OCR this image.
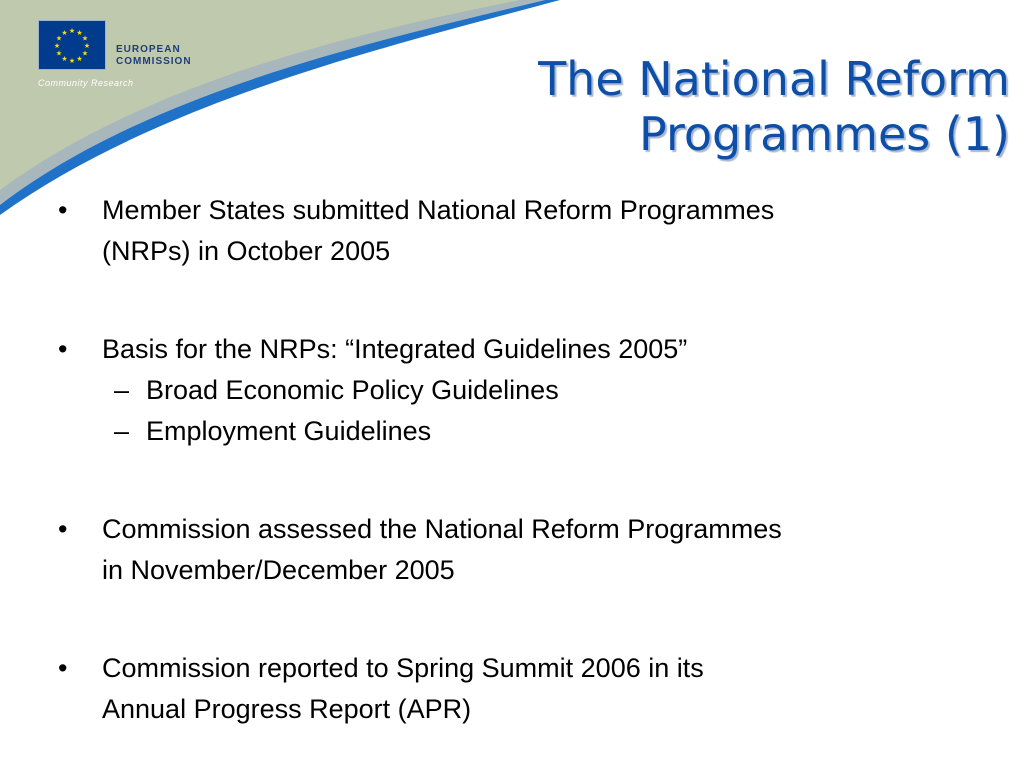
★ ★
★
★
★
★
★
★
★
★
★
★
EUROPEAN
COMMISSION
Community Research	The National Reform
Programmes (1)
•	Member States submitted National Reform Programmes
(NRPs) in October 2005
•	Basis for the NRPs: “Integrated Guidelines 2005”
– Broad Economic Policy Guidelines
– Employment Guidelines
•	Commission assessed the National Reform Programmes
in November/December 2005
•	Commission reported to Spring Summit 2006 in its
Annual Progress Report (APR)
